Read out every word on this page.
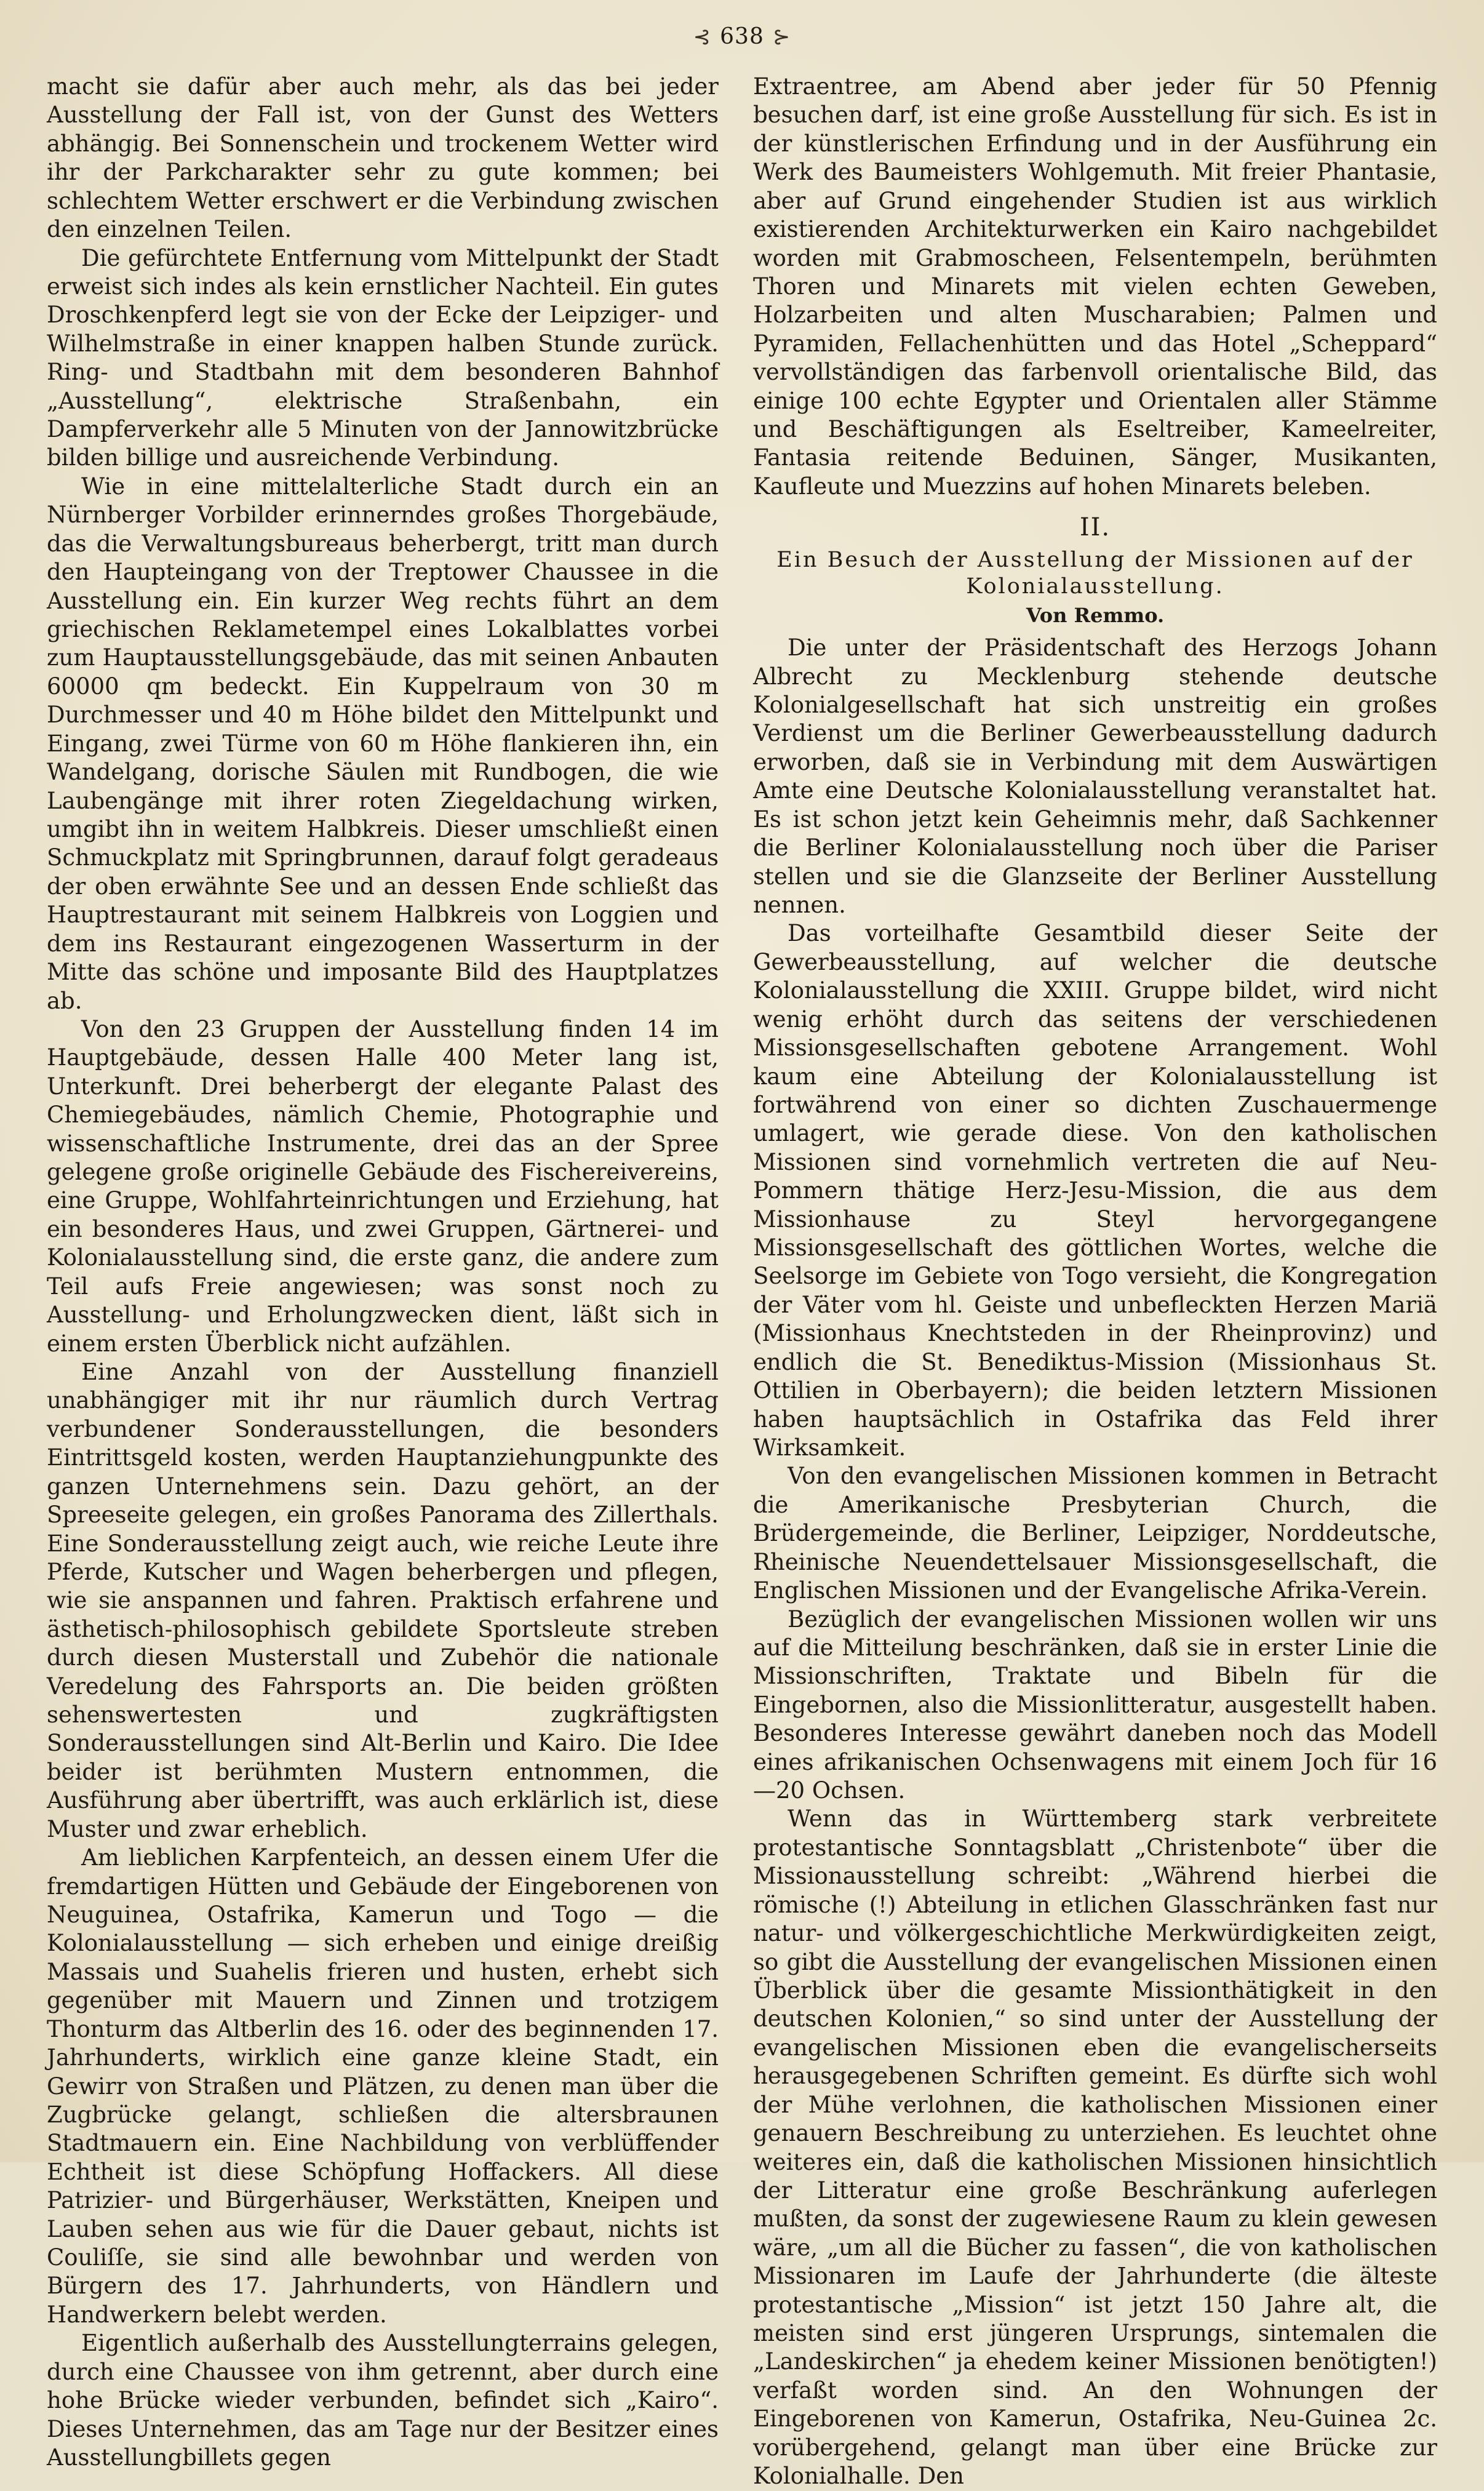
⊰ 638 ⊱

macht sie dafür aber auch mehr, als das bei jeder Ausstellung der Fall ist, von der Gunst des Wetters abhängig. Bei Sonnenschein und trockenem Wetter wird ihr der Parkcharakter sehr zu gute kommen; bei schlechtem Wetter erschwert er die Verbindung zwischen den einzelnen Teilen.

Die gefürchtete Entfernung vom Mittelpunkt der Stadt erweist sich indes als kein ernstlicher Nachteil. Ein gutes Droschkenpferd legt sie von der Ecke der Leipziger- und Wilhelmstraße in einer knappen halben Stunde zurück. Ring- und Stadtbahn mit dem besonderen Bahnhof „Ausstellung“, elektrische Straßenbahn, ein Dampferverkehr alle 5 Minuten von der Jannowitzbrücke bilden billige und ausreichende Verbindung.

Wie in eine mittelalterliche Stadt durch ein an Nürnberger Vorbilder erinnerndes großes Thorgebäude, das die Verwaltungsbureaus beherbergt, tritt man durch den Haupteingang von der Treptower Chaussee in die Ausstellung ein. Ein kurzer Weg rechts führt an dem griechischen Reklametempel eines Lokalblattes vorbei zum Hauptausstellungsgebäude, das mit seinen Anbauten 60000 qm bedeckt. Ein Kuppelraum von 30 m Durchmesser und 40 m Höhe bildet den Mittelpunkt und Eingang, zwei Türme von 60 m Höhe flankieren ihn, ein Wandelgang, dorische Säulen mit Rundbogen, die wie Laubengänge mit ihrer roten Ziegeldachung wirken, umgibt ihn in weitem Halbkreis. Dieser umschließt einen Schmuckplatz mit Springbrunnen, darauf folgt geradeaus der oben erwähnte See und an dessen Ende schließt das Hauptrestaurant mit seinem Halbkreis von Loggien und dem ins Restaurant eingezogenen Wasserturm in der Mitte das schöne und imposante Bild des Hauptplatzes ab.

Von den 23 Gruppen der Ausstellung finden 14 im Hauptgebäude, dessen Halle 400 Meter lang ist, Unterkunft. Drei beherbergt der elegante Palast des Chemiegebäudes, nämlich Chemie, Photographie und wissenschaftliche Instrumente, drei das an der Spree gelegene große originelle Gebäude des Fischereivereins, eine Gruppe, Wohlfahrteinrichtungen und Erziehung, hat ein besonderes Haus, und zwei Gruppen, Gärtnerei- und Kolonialausstellung sind, die erste ganz, die andere zum Teil aufs Freie angewiesen; was sonst noch zu Ausstellung- und Erholungzwecken dient, läßt sich in einem ersten Überblick nicht aufzählen.

Eine Anzahl von der Ausstellung finanziell unabhängiger mit ihr nur räumlich durch Vertrag verbundener Sonderausstellungen, die besonders Eintrittsgeld kosten, werden Hauptanziehungpunkte des ganzen Unternehmens sein. Dazu gehört, an der Spreeseite gelegen, ein großes Panorama des Zillerthals. Eine Sonderausstellung zeigt auch, wie reiche Leute ihre Pferde, Kutscher und Wagen beherbergen und pflegen, wie sie anspannen und fahren. Praktisch erfahrene und ästhetisch-philosophisch gebildete Sportsleute streben durch diesen Musterstall und Zubehör die nationale Veredelung des Fahrsports an. Die beiden größten sehenswertesten und zugkräftigsten Sonderausstellungen sind Alt-Berlin und Kairo. Die Idee beider ist berühmten Mustern entnommen, die Ausführung aber übertrifft, was auch erklärlich ist, diese Muster und zwar erheblich.

Am lieblichen Karpfenteich, an dessen einem Ufer die fremdartigen Hütten und Gebäude der Eingeborenen von Neuguinea, Ostafrika, Kamerun und Togo — die Kolonialausstellung — sich erheben und einige dreißig Massais und Suahelis frieren und husten, erhebt sich gegenüber mit Mauern und Zinnen und trotzigem Thonturm das Altberlin des 16. oder des beginnenden 17. Jahrhunderts, wirklich eine ganze kleine Stadt, ein Gewirr von Straßen und Plätzen, zu denen man über die Zugbrücke gelangt, schließen die altersbraunen Stadtmauern ein. Eine Nachbildung von verblüffender Echtheit ist diese Schöpfung Hoffackers. All diese Patrizier- und Bürgerhäuser, Werkstätten, Kneipen und Lauben sehen aus wie für die Dauer gebaut, nichts ist Couliſſe, sie sind alle bewohnbar und werden von Bürgern des 17. Jahrhunderts, von Händlern und Handwerkern belebt werden.

Eigentlich außerhalb des Ausstellungterrains gelegen, durch eine Chaussee von ihm getrennt, aber durch eine hohe Brücke wieder verbunden, befindet sich „Kairo“. Dieses Unternehmen, das am Tage nur der Besitzer eines Ausstellungbillets gegen

Extraentree, am Abend aber jeder für 50 Pfennig besuchen darf, ist eine große Ausstellung für sich. Es ist in der künstlerischen Erfindung und in der Ausführung ein Werk des Baumeisters Wohlgemuth. Mit freier Phantasie, aber auf Grund eingehender Studien ist aus wirklich existierenden Architekturwerken ein Kairo nachgebildet worden mit Grabmoscheen, Felsentempeln, berühmten Thoren und Minarets mit vielen echten Geweben, Holzarbeiten und alten Muscharabien; Palmen und Pyramiden, Fellachenhütten und das Hotel „Scheppard“ vervollständigen das farbenvoll orientalische Bild, das einige 100 echte Egypter und Orientalen aller Stämme und Beschäftigungen als Eseltreiber, Kameelreiter, Fantasia reitende Beduinen, Sänger, Musikanten, Kaufleute und Muezzins auf hohen Minarets beleben.

II.
Ein Besuch der Ausstellung der Missionen auf der Kolonialausstellung.
Von Remmo.

Die unter der Präsidentschaft des Herzogs Johann Albrecht zu Mecklenburg stehende deutsche Kolonialgesellschaft hat sich unstreitig ein großes Verdienst um die Berliner Gewerbeausstellung dadurch erworben, daß sie in Verbindung mit dem Auswärtigen Amte eine Deutsche Kolonialausstellung veranstaltet hat. Es ist schon jetzt kein Geheimnis mehr, daß Sachkenner die Berliner Kolonialausstellung noch über die Pariser stellen und sie die Glanzseite der Berliner Ausstellung nennen.

Das vorteilhafte Gesamtbild dieser Seite der Gewerbeausstellung, auf welcher die deutsche Kolonialausstellung die XXIII. Gruppe bildet, wird nicht wenig erhöht durch das seitens der verschiedenen Missionsgesellschaften gebotene Arrangement. Wohl kaum eine Abteilung der Kolonialausstellung ist fortwährend von einer so dichten Zuschauermenge umlagert, wie gerade diese. Von den katholischen Missionen sind vornehmlich vertreten die auf Neu-Pommern thätige Herz-Jesu-Mission, die aus dem Missionhause zu Steyl hervorgegangene Missionsgesellschaft des göttlichen Wortes, welche die Seelsorge im Gebiete von Togo versieht, die Kongregation der Väter vom hl. Geiste und unbefleckten Herzen Mariä (Missionhaus Knechtsteden in der Rheinprovinz) und endlich die St. Benediktus-Mission (Missionhaus St. Ottilien in Oberbayern); die beiden letztern Missionen haben hauptsächlich in Ostafrika das Feld ihrer Wirksamkeit.

Von den evangelischen Missionen kommen in Betracht die Amerikanische Presbyterian Church, die Brüdergemeinde, die Berliner, Leipziger, Norddeutsche, Rheinische Neuendettelsauer Missionsgesellschaft, die Englischen Missionen und der Evangelische Afrika-Verein.

Bezüglich der evangelischen Missionen wollen wir uns auf die Mitteilung beschränken, daß sie in erster Linie die Missionschriften, Traktate und Bibeln für die Eingebornen, also die Missionlitteratur, ausgestellt haben. Besonderes Interesse gewährt daneben noch das Modell eines afrikanischen Ochsenwagens mit einem Joch für 16—20 Ochsen.

Wenn das in Württemberg stark verbreitete protestantische Sonntagsblatt „Christenbote“ über die Missionausstellung schreibt: „Während hierbei die römische (!) Abteilung in etlichen Glasschränken fast nur natur- und völkergeschichtliche Merkwürdigkeiten zeigt, so gibt die Ausstellung der evangelischen Missionen einen Überblick über die gesamte Missionthätigkeit in den deutschen Kolonien,“ so sind unter der Ausstellung der evangelischen Missionen eben die evangelischerseits herausgegebenen Schriften gemeint. Es dürfte sich wohl der Mühe verlohnen, die katholischen Missionen einer genauern Beschreibung zu unterziehen. Es leuchtet ohne weiteres ein, daß die katholischen Missionen hinsichtlich der Litteratur eine große Beschränkung auferlegen mußten, da sonst der zugewiesene Raum zu klein gewesen wäre, „um all die Bücher zu fassen“, die von katholischen Missionaren im Laufe der Jahrhunderte (die älteste protestantische „Mission“ ist jetzt 150 Jahre alt, die meisten sind erst jüngeren Ursprungs, sintemalen die „Landeskirchen“ ja ehedem keiner Missionen benötigten!) verfaßt worden sind. An den Wohnungen der Eingeborenen von Kamerun, Ostafrika, Neu-Guinea 2c. vorübergehend, gelangt man über eine Brücke zur Kolonialhalle. Den
